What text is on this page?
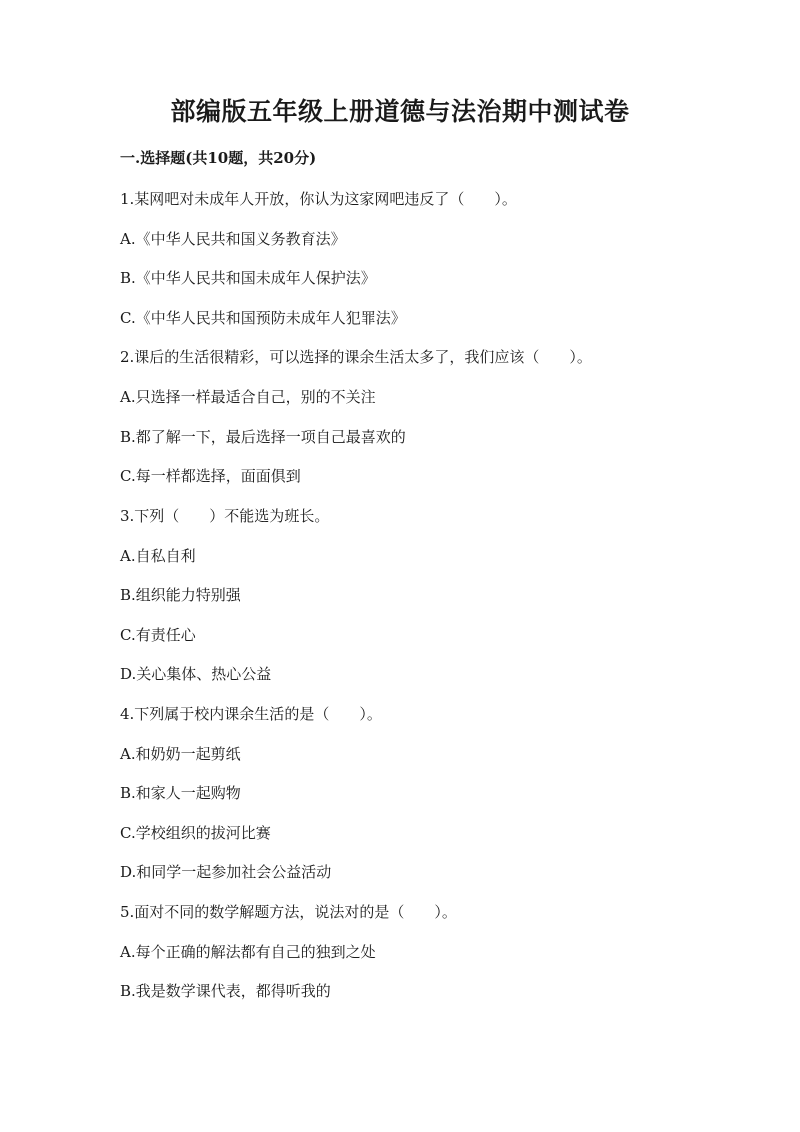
部编版五年级上册道德与法治期中测试卷
一.选择题(共10题，共20分)
1.某网吧对未成年人开放，你认为这家网吧违反了（　　）。
A.《中华人民共和国义务教育法》
B.《中华人民共和国未成年人保护法》
C.《中华人民共和国预防未成年人犯罪法》
2.课后的生活很精彩，可以选择的课余生活太多了，我们应该（　　）。
A.只选择一样最适合自己，别的不关注
B.都了解一下，最后选择一项自己最喜欢的
C.每一样都选择，面面俱到
3.下列（　　）不能选为班长。
A.自私自利
B.组织能力特别强
C.有责任心
D.关心集体、热心公益
4.下列属于校内课余生活的是（　　）。
A.和奶奶一起剪纸
B.和家人一起购物
C.学校组织的拔河比赛
D.和同学一起参加社会公益活动
5.面对不同的数学解题方法，说法对的是（　　）。
A.每个正确的解法都有自己的独到之处
B.我是数学课代表，都得听我的
